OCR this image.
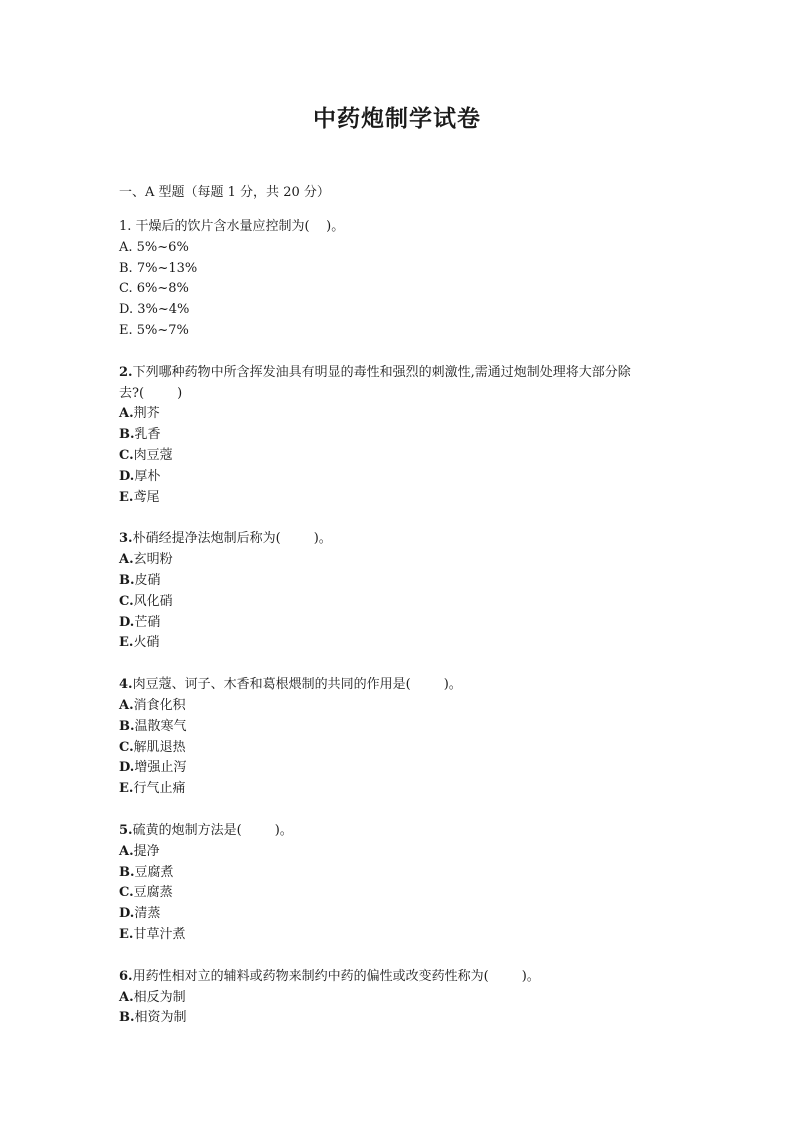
中药炮制学试卷
一、A 型题（每题 1 分，共 20 分）
1. 干燥后的饮片含水量应控制为(    )。
A. 5%~6%
B. 7%~13%
C. 6%~8%
D. 3%~4%
E. 5%~7%
2.下列哪种药物中所含挥发油具有明显的毒性和强烈的刺激性,需通过炮制处理将大部分除
去?(        )
A.荆芥
B.乳香
C.肉豆蔻
D.厚朴
E.鸢尾
3.朴硝经提净法炮制后称为(        )。
A.玄明粉
B.皮硝
C.风化硝
D.芒硝
E.火硝
4.肉豆蔻、诃子、木香和葛根煨制的共同的作用是(        )。
A.消食化积
B.温散寒气
C.解肌退热
D.增强止泻
E.行气止痛
5.硫黄的炮制方法是(        )。
A.提净
B.豆腐煮
C.豆腐蒸
D.清蒸
E.甘草汁煮
6.用药性相对立的辅料或药物来制约中药的偏性或改变药性称为(        )。
A.相反为制
B.相资为制
